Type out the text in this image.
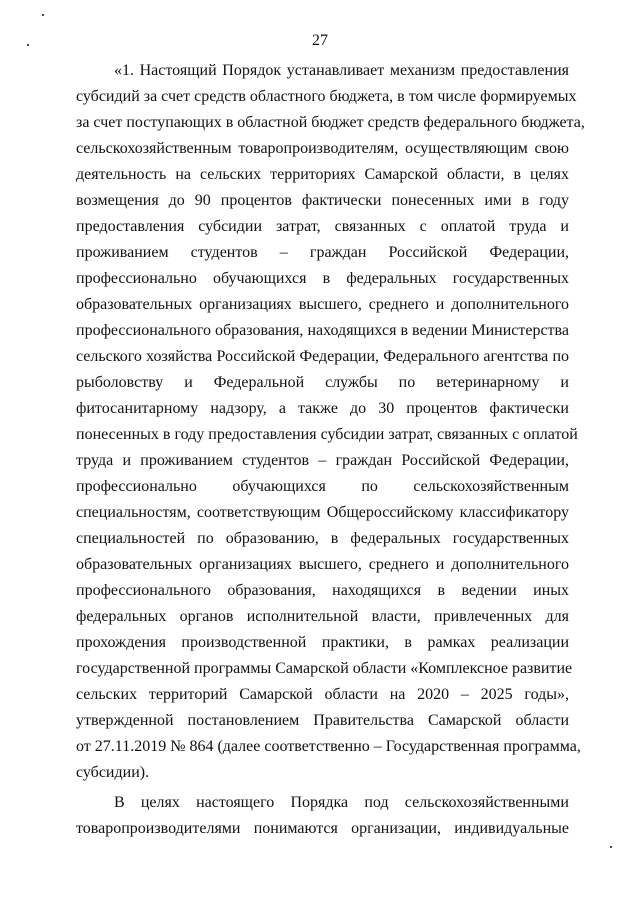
27
«1. Настоящий Порядок устанавливает механизм предоставления
субсидий за счет средств областного бюджета, в том числе формируемых
за счет поступающих в областной бюджет средств федерального бюджета,
сельскохозяйственным товаропроизводителям, осуществляющим свою
деятельность на сельских территориях Самарской области, в целях
возмещения до 90 процентов фактически понесенных ими в году
предоставления субсидии затрат, связанных с оплатой труда и
проживанием студентов – граждан Российской Федерации,
профессионально обучающихся в федеральных государственных
образовательных организациях высшего, среднего и дополнительного
профессионального образования, находящихся в ведении Министерства
сельского хозяйства Российской Федерации, Федерального агентства по
рыболовству и Федеральной службы по ветеринарному и
фитосанитарному надзору, а также до 30 процентов фактически
понесенных в году предоставления субсидии затрат, связанных с оплатой
труда и проживанием студентов – граждан Российской Федерации,
профессионально обучающихся по сельскохозяйственным
специальностям, соответствующим Общероссийскому классификатору
специальностей по образованию, в федеральных государственных
образовательных организациях высшего, среднего и дополнительного
профессионального образования, находящихся в ведении иных
федеральных органов исполнительной власти, привлеченных для
прохождения производственной практики, в рамках реализации
государственной программы Самарской области «Комплексное развитие
сельских территорий Самарской области на 2020 – 2025 годы»,
утвержденной постановлением Правительства Самарской области
от 27.11.2019 № 864 (далее соответственно – Государственная программа,
субсидии).
В целях настоящего Порядка под сельскохозяйственными
товаропроизводителями понимаются организации, индивидуальные
